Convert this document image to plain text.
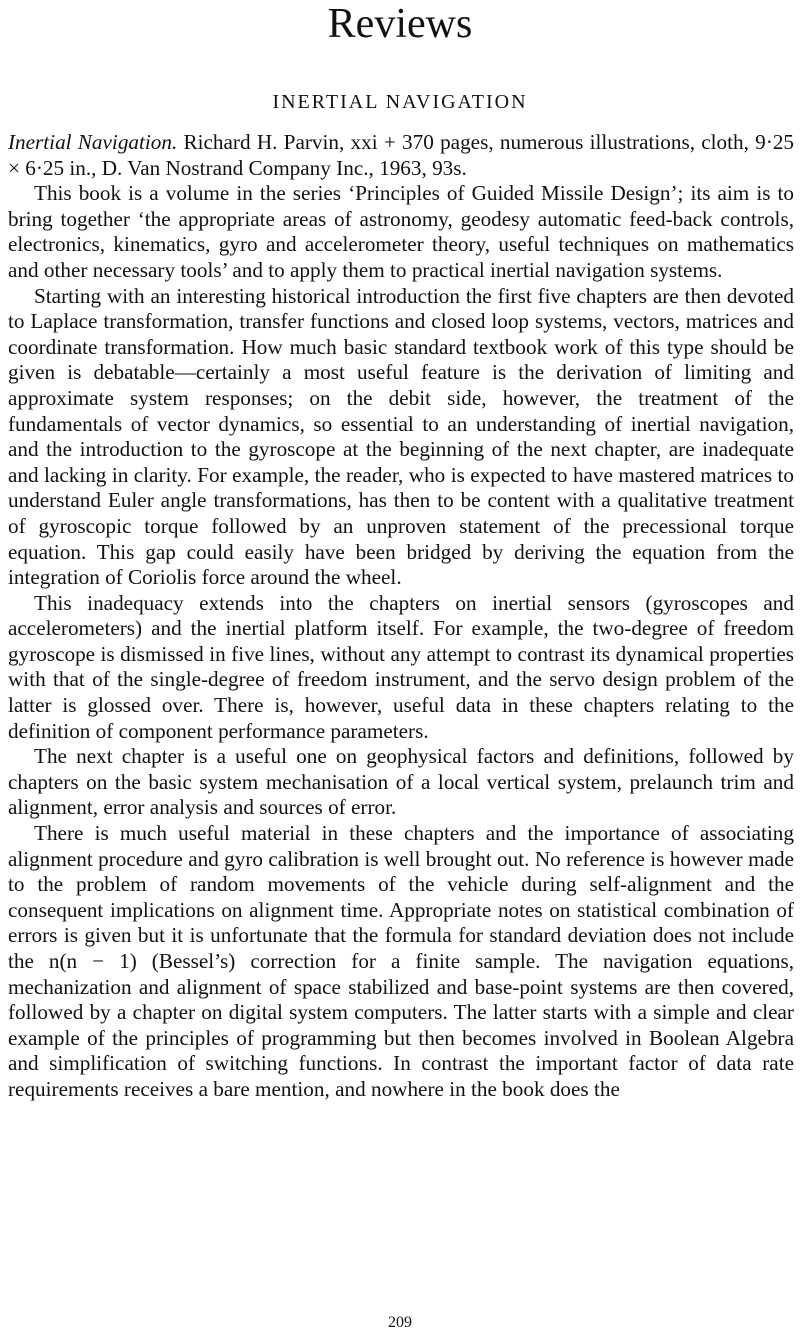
Reviews
INERTIAL NAVIGATION

Inertial Navigation. Richard H. Parvin, xxi + 370 pages, numerous illustrations, cloth, 9·25 × 6·25 in., D. Van Nostrand Company Inc., 1963, 93s.

This book is a volume in the series ‘Principles of Guided Missile Design’; its aim is to bring together ‘the appropriate areas of astronomy, geodesy automatic feed-back controls, electronics, kinematics, gyro and accelerometer theory, useful techniques on mathematics and other necessary tools’ and to apply them to practical inertial navigation systems.

Starting with an interesting historical introduction the first five chapters are then devoted to Laplace transformation, transfer functions and closed loop systems, vectors, matrices and coordinate transformation. How much basic standard textbook work of this type should be given is debatable—certainly a most useful feature is the derivation of limiting and approximate system responses; on the debit side, however, the treatment of the fundamentals of vector dynamics, so essential to an understanding of inertial navigation, and the introduction to the gyroscope at the beginning of the next chapter, are inadequate and lacking in clarity. For example, the reader, who is expected to have mastered matrices to understand Euler angle transformations, has then to be content with a qualitative treatment of gyroscopic torque followed by an unproven statement of the precessional torque equation. This gap could easily have been bridged by deriving the equation from the integration of Coriolis force around the wheel.

This inadequacy extends into the chapters on inertial sensors (gyroscopes and accelerometers) and the inertial platform itself. For example, the two-degree of freedom gyroscope is dismissed in five lines, without any attempt to contrast its dynamical properties with that of the single-degree of freedom instrument, and the servo design problem of the latter is glossed over. There is, however, useful data in these chapters relating to the definition of component performance parameters.

The next chapter is a useful one on geophysical factors and definitions, followed by chapters on the basic system mechanisation of a local vertical system, prelaunch trim and alignment, error analysis and sources of error.

There is much useful material in these chapters and the importance of associating alignment procedure and gyro calibration is well brought out. No reference is however made to the problem of random movements of the vehicle during self-alignment and the consequent implications on alignment time. Appropriate notes on statistical combination of errors is given but it is unfortunate that the formula for standard deviation does not include the n(n − 1) (Bessel’s) correction for a finite sample. The navigation equations, mechanization and alignment of space stabilized and base-point systems are then covered, followed by a chapter on digital system computers. The latter starts with a simple and clear example of the principles of programming but then becomes involved in Boolean Algebra and simplification of switching functions. In contrast the important factor of data rate requirements receives a bare mention, and nowhere in the book does the

209
